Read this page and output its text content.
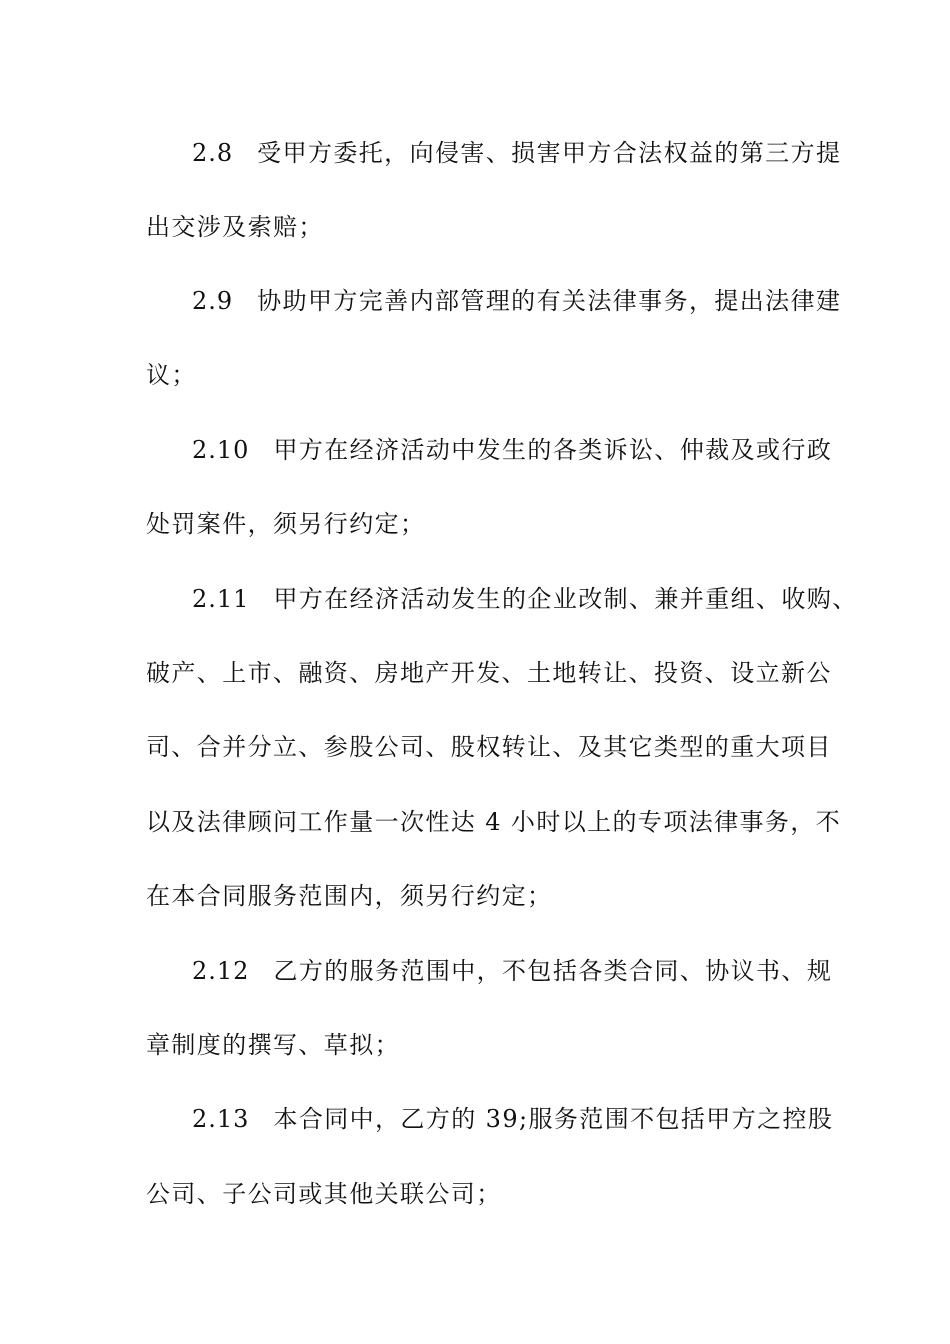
2.8 受甲方委托，向侵害、损害甲方合法权益的第三方提
出交涉及索赔；
2.9 协助甲方完善内部管理的有关法律事务，提出法律建
议；
2.10 甲方在经济活动中发生的各类诉讼、仲裁及或行政
处罚案件，须另行约定；
2.11 甲方在经济活动发生的企业改制、兼并重组、收购、
破产、上市、融资、房地产开发、土地转让、投资、设立新公
司、合并分立、参股公司、股权转让、及其它类型的重大项目
以及法律顾问工作量一次性达 4 小时以上的专项法律事务，不
在本合同服务范围内，须另行约定；
2.12 乙方的服务范围中，不包括各类合同、协议书、规
章制度的撰写、草拟；
2.13 本合同中，乙方的 39;服务范围不包括甲方之控股
公司、子公司或其他关联公司；
